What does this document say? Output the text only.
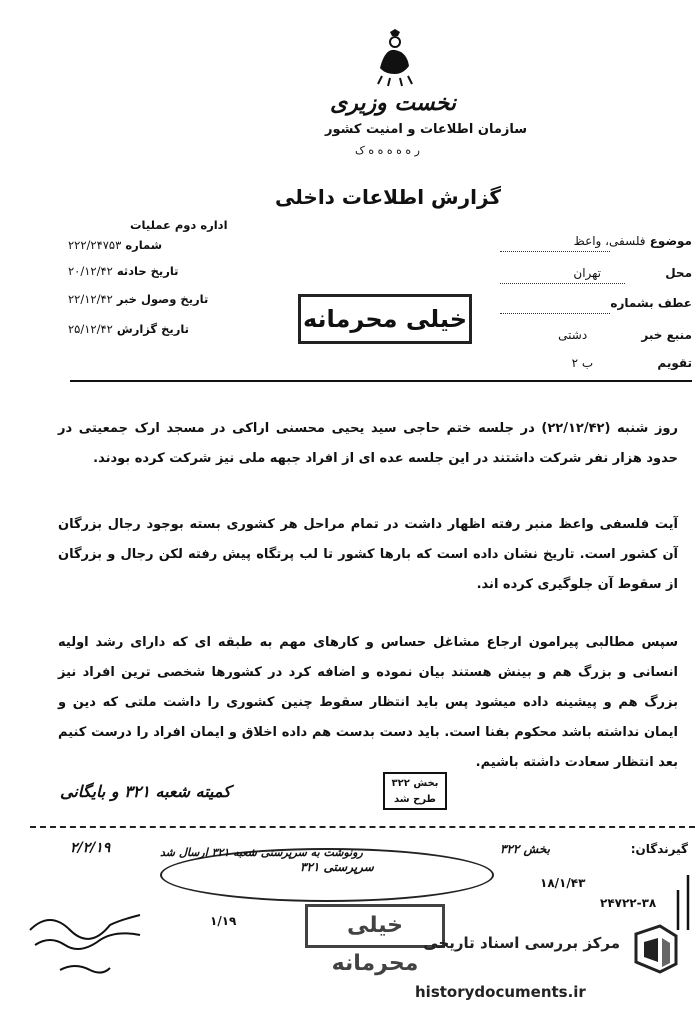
نخست وزیری
سازمان اطلاعات و امنیت کشور
ر ه ه ه ه ه ک
گزارش اطلاعات داخلی
اداره دوم عملیات
شماره ۲۲۲/۲۴۷۵۳
تاریخ حادثه ۲۰/۱۲/۴۲
تاریخ وصول خبر ۲۲/۱۲/۴۲
تاریخ گزارش ۲۵/۱۲/۴۲
موضوع فلسفی، واعظ
محل تهران
عطف بشماره
منبع خبر دشتی
تقویم ب ۲
خیلی محرمانه
روز شنبه (۲۲/۱۲/۴۲) در جلسه ختم حاجی سید یحیی محسنی اراکی در مسجد ارک جمعیتی در حدود هزار نفر شرکت داشتند در این جلسه عده ای از افراد جبهه ملی نیز شرکت کرده بودند.
آیت فلسفی واعظ منبر رفته اظهار داشت در تمام مراحل هر کشوری بسته بوجود رجال بزرگان آن کشور است. تاریخ نشان داده است که بارها کشور تا لب پرتگاه پیش رفته لکن رجال و بزرگان از سقوط آن جلوگیری کرده اند.
سپس مطالبی پیرامون ارجاع مشاغل حساس و کارهای مهم به طبقه ای که دارای رشد اولیه انسانی و بزرگ هم و بینش هستند بیان نموده و اضافه کرد در کشورها شخصی ترین افراد نیز بزرگ هم و پیشینه داده میشود پس باید انتظار سقوط چنین کشوری را داشت ملتی که دین و ایمان نداشته باشد محکوم بفنا است. باید دست بدست هم داده اخلاق و ایمان افراد را درست کنیم بعد انتظار سعادت داشته باشیم.
کمیته شعبه ۳۲۱ و بایگانی	بخش ۳۲۲
طرح شد
گیرندگان:
بخش ۳۲۲
سرپرستی ۳۲۱
۱۸/۱/۴۳
۲۴۷۲۲-۳۸
۱/۱۹
۲/۲/۱۹	رونوشت به سرپرستی شعبه ۳۲۱ ارسال شد
خیلی محرمانه
مرکز بررسی اسناد تاریخی
historydocuments.ir
